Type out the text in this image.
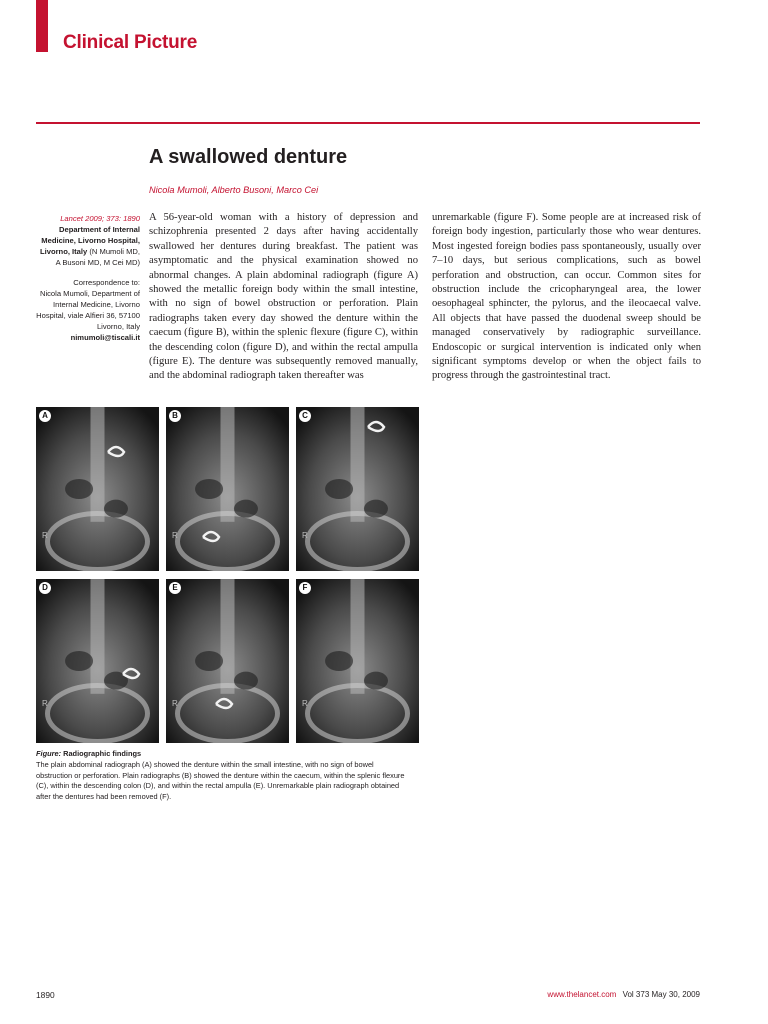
Clinical Picture
A swallowed denture
Nicola Mumoli, Alberto Busoni, Marco Cei

Lancet 2009; 373: 1890
Department of Internal Medicine, Livorno Hospital, Livorno, Italy (N Mumoli MD, A Busoni MD, M Cei MD)

Correspondence to:
Nicola Mumoli, Department of Internal Medicine, Livorno Hospital, viale Alfieri 36, 57100 Livorno, Italy
nimumoli@tiscali.it

A 56-year-old woman with a history of depression and schizophrenia presented 2 days after having accidentally swallowed her dentures during breakfast. The patient was asymptomatic and the physical examination showed no abnormal changes. A plain abdominal radiograph (figure A) showed the metallic foreign body within the small intestine, with no sign of bowel obstruction or perforation. Plain radiographs taken every day showed the denture within the caecum (figure B), within the splenic flexure (figure C), within the descending colon (figure D), and within the rectal ampulla (figure E). The denture was subsequently removed manually, and the abdominal radiograph taken thereafter was

unremarkable (figure F). Some people are at increased risk of foreign body ingestion, particularly those who wear dentures. Most ingested foreign bodies pass spontaneously, usually over 7–10 days, but serious complications, such as bowel perforation and obstruction, can occur. Common sites for obstruction include the cricopharyngeal area, the lower oesophageal sphincter, the pylorus, and the ileocaecal valve. All objects that have passed the duodenal sweep should be managed conservatively by radiographic surveillance. Endoscopic or surgical intervention is indicated only when significant symptoms develop or when the object fails to progress through the gastrointestinal tract.

A
R
B
R
C
R
D
R
E
R
F
R
Figure: Radiographic findings
The plain abdominal radiograph (A) showed the denture within the small intestine, with no sign of bowel obstruction or perforation. Plain radiographs (B) showed the denture within the caecum, within the splenic flexure (C), within the descending colon (D), and within the rectal ampulla (E). Unremarkable plain radiograph obtained after the dentures had been removed (F).
1890	www.thelancet.com Vol 373 May 30, 2009
